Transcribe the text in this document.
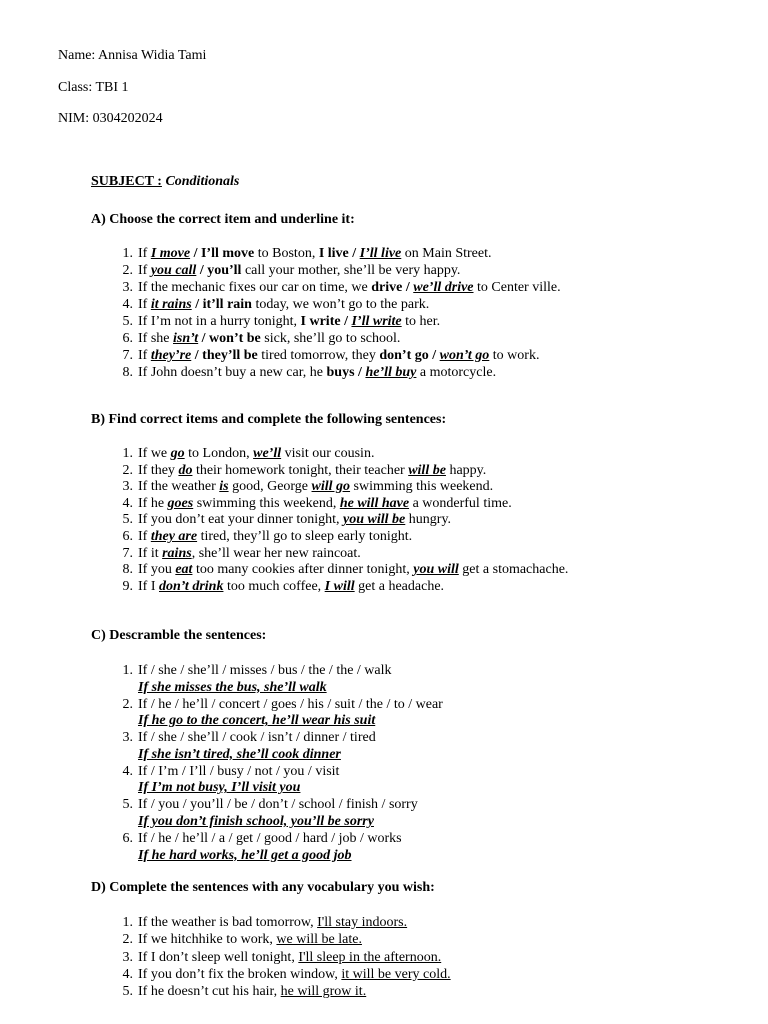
Name: Annisa Widia Tami
Class: TBI 1
NIM: 0304202024
SUBJECT : Conditionals
A) Choose the correct item and underline it:
1. If I move / I’ll move to Boston, I live / I’ll live on Main Street.
2. If you call / you’ll call your mother, she’ll be very happy.
3. If the mechanic fixes our car on time, we drive / we’ll drive to Center ville.
4. If it rains / it’ll rain today, we won’t go to the park.
5. If I’m not in a hurry tonight, I write / I’ll write to her.
6. If she isn’t / won’t be sick, she’ll go to school.
7. If they’re / they’ll be tired tomorrow, they don’t go / won’t go to work.
8. If John doesn’t buy a new car, he buys / he’ll buy a motorcycle.
B) Find correct items and complete the following sentences:
1. If we go to London, we’ll visit our cousin.
2. If they do their homework tonight, their teacher will be happy.
3. If the weather is good, George will go swimming this weekend.
4. If he goes swimming this weekend, he will have a wonderful time.
5. If you don’t eat your dinner tonight, you will be hungry.
6. If they are tired, they’ll go to sleep early tonight.
7. If it rains, she’ll wear her new raincoat.
8. If you eat too many cookies after dinner tonight, you will get a stomachache.
9. If I don’t drink too much coffee, I will get a headache.
C) Descramble the sentences:
1. If / she / she’ll / misses / bus / the / the / walk
If she misses the bus, she’ll walk
2. If / he / he’ll / concert / goes / his / suit / the / to / wear
If he go to the concert, he’ll wear his suit
3. If / she / she’ll / cook / isn’t / dinner / tired
If she isn’t tired, she’ll cook dinner
4. If / I’m / I’ll / busy / not / you / visit
If I’m not busy, I’ll visit you
5. If / you / you’ll / be / don’t / school / finish / sorry
If you don’t finish school, you’ll be sorry
6. If / he / he’ll / a / get / good / hard / job / works
If he hard works, he’ll get a good job
D) Complete the sentences with any vocabulary you wish:
1. If the weather is bad tomorrow, I'll stay indoors.
2. If we hitchhike to work, we will be late.
3. If I don’t sleep well tonight, I'll sleep in the afternoon.
4. If you don’t fix the broken window, it will be very cold.
5. If he doesn’t cut his hair, he will grow it.
